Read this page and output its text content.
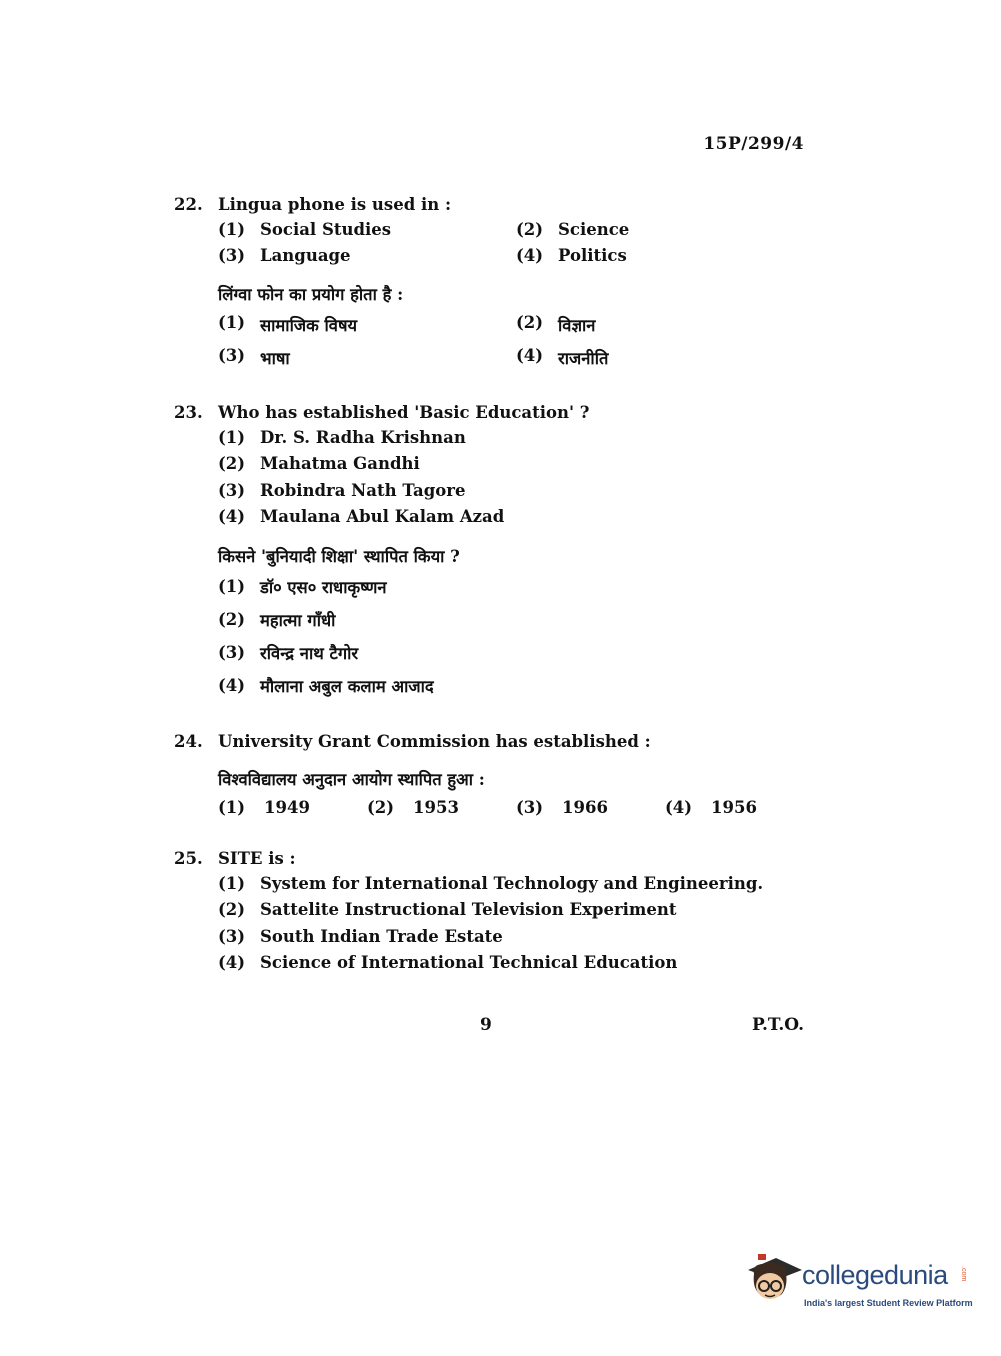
15P/299/4
22. Lingua phone is used in :
(1) Social Studies	(2) Science
(3) Language	(4) Politics
लिंग्वा फोन का प्रयोग होता है :
(1) सामाजिक विषय	(2) विज्ञान
(3) भाषा	(4) राजनीति
23. Who has established 'Basic Education' ?
(1) Dr. S. Radha Krishnan
(2) Mahatma Gandhi
(3) Robindra Nath Tagore
(4) Maulana Abul Kalam Azad
किसने 'बुनियादी शिक्षा' स्थापित किया ?
(1) डॉ० एस० राधाकृष्णन
(2) महात्मा गाँधी
(3) रविन्द्र नाथ टैगोर
(4) मौलाना अबुल कलाम आजाद
24. University Grant Commission has established :
विश्वविद्यालय अनुदान आयोग स्थापित हुआ :
(1)	1949	(2)	1953	(3)	1966	(4)	1956
25. SITE is :
(1) System for International Technology and Engineering.
(2) Sattelite Instructional Television Experiment
(3) South Indian Trade Estate
(4) Science of International Technical Education
9	P.T.O.
collegedunia .com
India's largest Student Review Platform
